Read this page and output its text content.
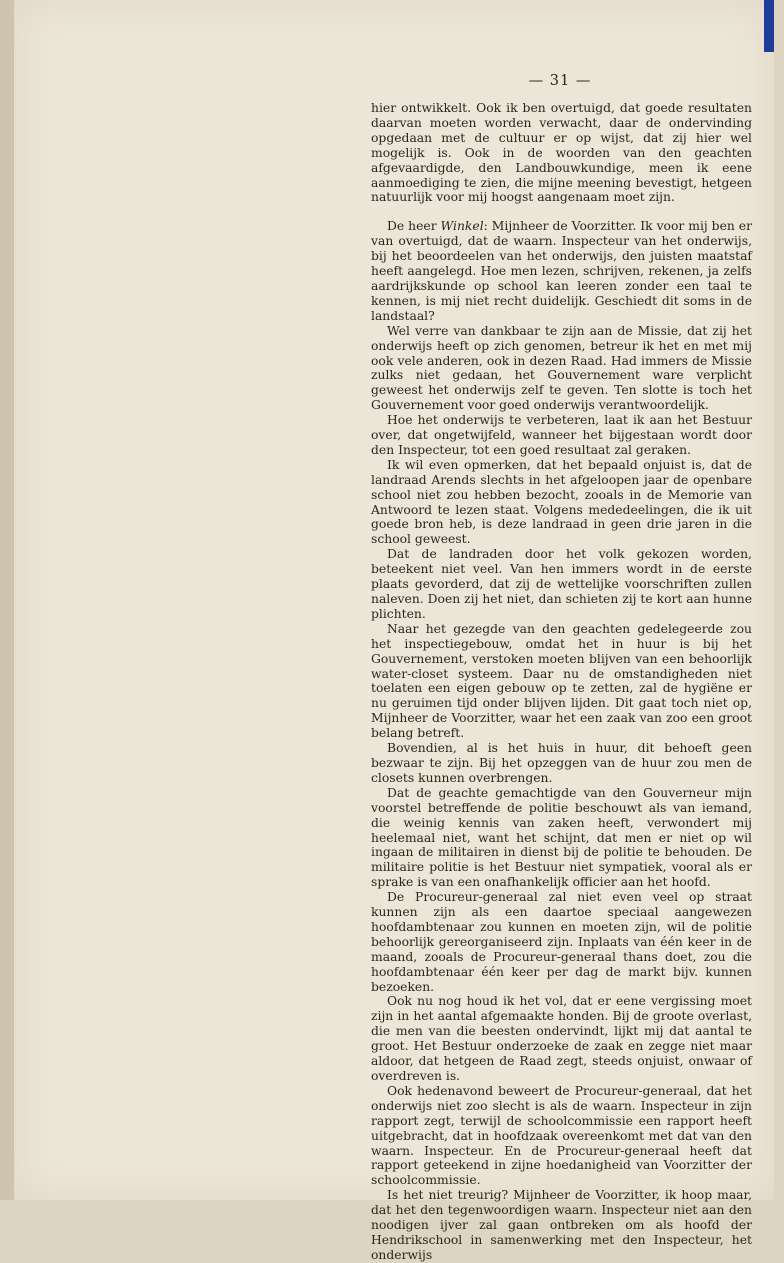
— 31 —

hier ontwikkelt. Ook ik ben overtuigd, dat goede resultaten daarvan moeten worden verwacht, daar de ondervinding opgedaan met de cultuur er op wijst, dat zij hier wel mogelijk is. Ook in de woorden van den geachten afgevaardigde, den Landbouwkundige, meen ik eene aanmoediging te zien, die mijne meening bevestigt, hetgeen natuurlijk voor mij hoogst aangenaam moet zijn.

De heer Winkel: Mijnheer de Voorzitter. Ik voor mij ben er van overtuigd, dat de waarn. Inspecteur van het onderwijs, bij het beoordeelen van het onderwijs, den juisten maatstaf heeft aangelegd. Hoe men lezen, schrijven, rekenen, ja zelfs aardrijkskunde op school kan leeren zonder een taal te kennen, is mij niet recht duidelijk. Geschiedt dit soms in de landstaal?

Wel verre van dankbaar te zijn aan de Missie, dat zij het onderwijs heeft op zich genomen, betreur ik het en met mij ook vele anderen, ook in dezen Raad. Had immers de Missie zulks niet gedaan, het Gouvernement ware verplicht geweest het onderwijs zelf te geven. Ten slotte is toch het Gouvernement voor goed onderwijs verantwoordelijk.

Hoe het onderwijs te verbeteren, laat ik aan het Bestuur over, dat ongetwijfeld, wanneer het bijgestaan wordt door den Inspecteur, tot een goed resultaat zal geraken.

Ik wil even opmerken, dat het bepaald onjuist is, dat de landraad Arends slechts in het afgeloopen jaar de openbare school niet zou hebben bezocht, zooals in de Memorie van Antwoord te lezen staat. Volgens mededeelingen, die ik uit goede bron heb, is deze landraad in geen drie jaren in die school geweest.

Dat de landraden door het volk gekozen worden, beteekent niet veel. Van hen immers wordt in de eerste plaats gevorderd, dat zij de wettelijke voorschriften zullen naleven. Doen zij het niet, dan schieten zij te kort aan hunne plichten.

Naar het gezegde van den geachten gedelegeerde zou het inspectiegebouw, omdat het in huur is bij het Gouvernement, verstoken moeten blijven van een behoorlijk water-closet systeem. Daar nu de omstandigheden niet toelaten een eigen gebouw op te zetten, zal de hygiëne er nu geruimen tijd onder blijven lijden. Dit gaat toch niet op, Mijnheer de Voorzitter, waar het een zaak van zoo een groot belang betreft.

Bovendien, al is het huis in huur, dit behoeft geen bezwaar te zijn. Bij het opzeggen van de huur zou men de closets kunnen overbrengen.

Dat de geachte gemachtigde van den Gouverneur mijn voorstel betreffende de politie beschouwt als van iemand, die weinig kennis van zaken heeft, verwondert mij heelemaal niet, want het schijnt, dat men er niet op wil ingaan de militairen in dienst bij de politie te behouden. De militaire politie is het Bestuur niet sympatiek, vooral als er sprake is van een onafhankelijk officier aan het hoofd.

De Procureur-generaal zal niet even veel op straat kunnen zijn als een daartoe speciaal aangewezen hoofdambtenaar zou kunnen en moeten zijn, wil de politie behoorlijk gereorganiseerd zijn. Inplaats van één keer in de maand, zooals de Procureur-generaal thans doet, zou die hoofdambtenaar één keer per dag de markt bijv. kunnen bezoeken.

Ook nu nog houd ik het vol, dat er eene vergissing moet zijn in het aantal afgemaakte honden. Bij de groote overlast, die men van die beesten ondervindt, lijkt mij dat aantal te groot. Het Bestuur onderzoeke de zaak en zegge niet maar aldoor, dat hetgeen de Raad zegt, steeds onjuist, onwaar of overdreven is.

Ook hedenavond beweert de Procureur-generaal, dat het onderwijs niet zoo slecht is als de waarn. Inspecteur in zijn rapport zegt, terwijl de schoolcommissie een rapport heeft uitgebracht, dat in hoofdzaak overeenkomt met dat van den waarn. Inspecteur. En de Procureur-generaal heeft dat rapport geteekend in zijne hoedanigheid van Voorzitter der schoolcommissie.

Is het niet treurig? Mijnheer de Voorzitter, ik hoop maar, dat het den tegenwoordigen waarn. Inspecteur niet aan den noodigen ijver zal gaan ontbreken om als hoofd der Hendrikschool in samenwerking met den Inspecteur, het onderwijs
